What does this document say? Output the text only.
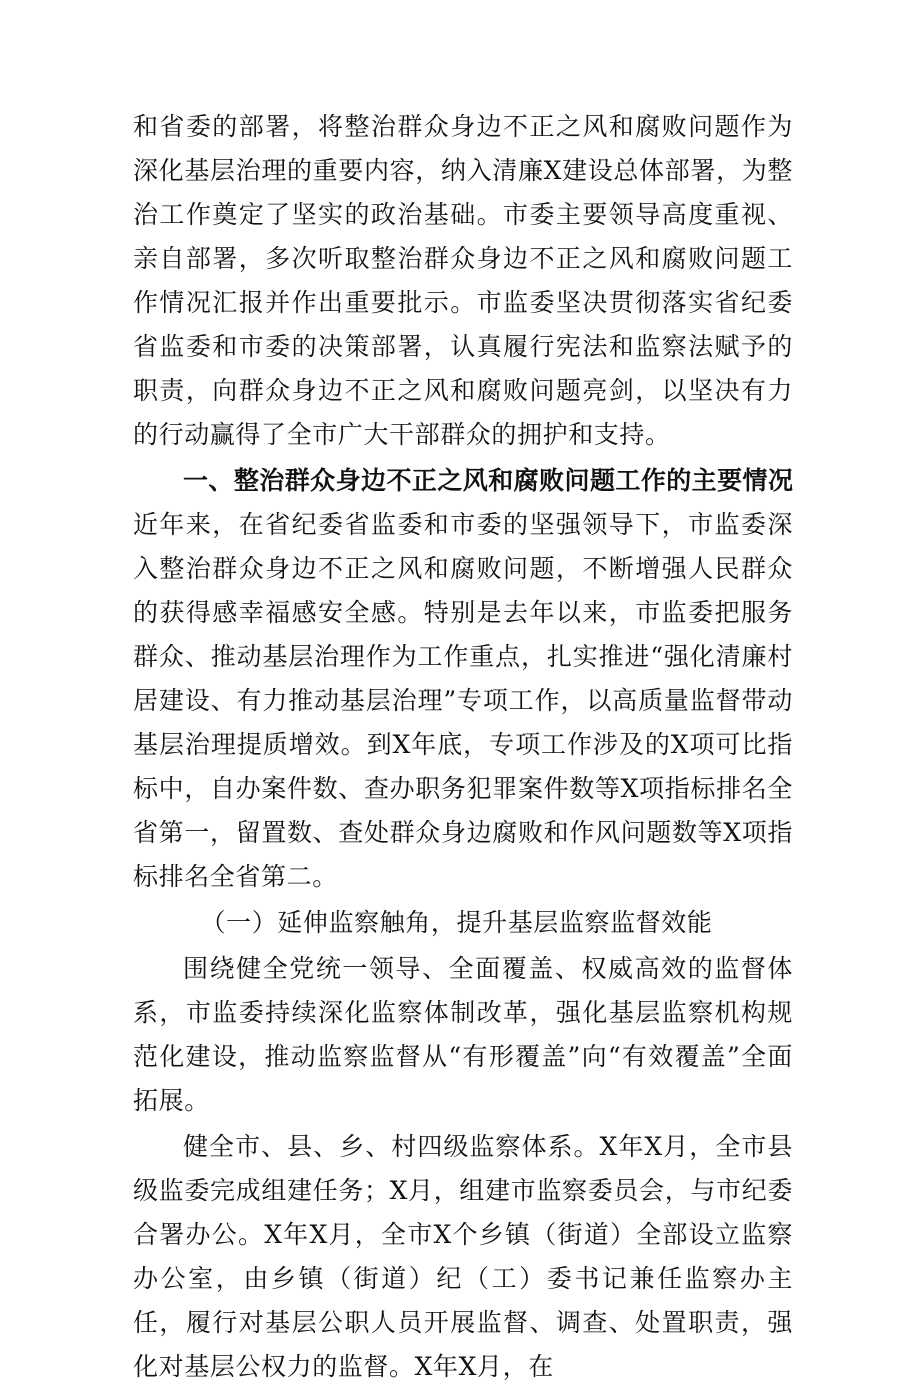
和省委的部署，将整治群众身边不正之风和腐败问题作为深化基层治理的重要内容，纳入清廉X建设总体部署，为整治工作奠定了坚实的政治基础。市委主要领导高度重视、亲自部署，多次听取整治群众身边不正之风和腐败问题工作情况汇报并作出重要批示。市监委坚决贯彻落实省纪委省监委和市委的决策部署，认真履行宪法和监察法赋予的职责，向群众身边不正之风和腐败问题亮剑，以坚决有力的行动赢得了全市广大干部群众的拥护和支持。

一、整治群众身边不正之风和腐败问题工作的主要情况近年来，在省纪委省监委和市委的坚强领导下，市监委深入整治群众身边不正之风和腐败问题，不断增强人民群众的获得感幸福感安全感。特别是去年以来，市监委把服务群众、推动基层治理作为工作重点，扎实推进“强化清廉村居建设、有力推动基层治理”专项工作，以高质量监督带动基层治理提质增效。到X年底，专项工作涉及的X项可比指标中，自办案件数、查办职务犯罪案件数等X项指标排名全省第一，留置数、查处群众身边腐败和作风问题数等X项指标排名全省第二。

（一）延伸监察触角，提升基层监察监督效能

围绕健全党统一领导、全面覆盖、权威高效的监督体系，市监委持续深化监察体制改革，强化基层监察机构规范化建设，推动监察监督从“有形覆盖”向“有效覆盖”全面拓展。

健全市、县、乡、村四级监察体系。X年X月，全市县级监委完成组建任务；X月，组建市监察委员会，与市纪委合署办公。X年X月，全市X个乡镇（街道）全部设立监察办公室，由乡镇（街道）纪（工）委书记兼任监察办主任，履行对基层公职人员开展监督、调查、处置职责，强化对基层公权力的监督。X年X月，在
